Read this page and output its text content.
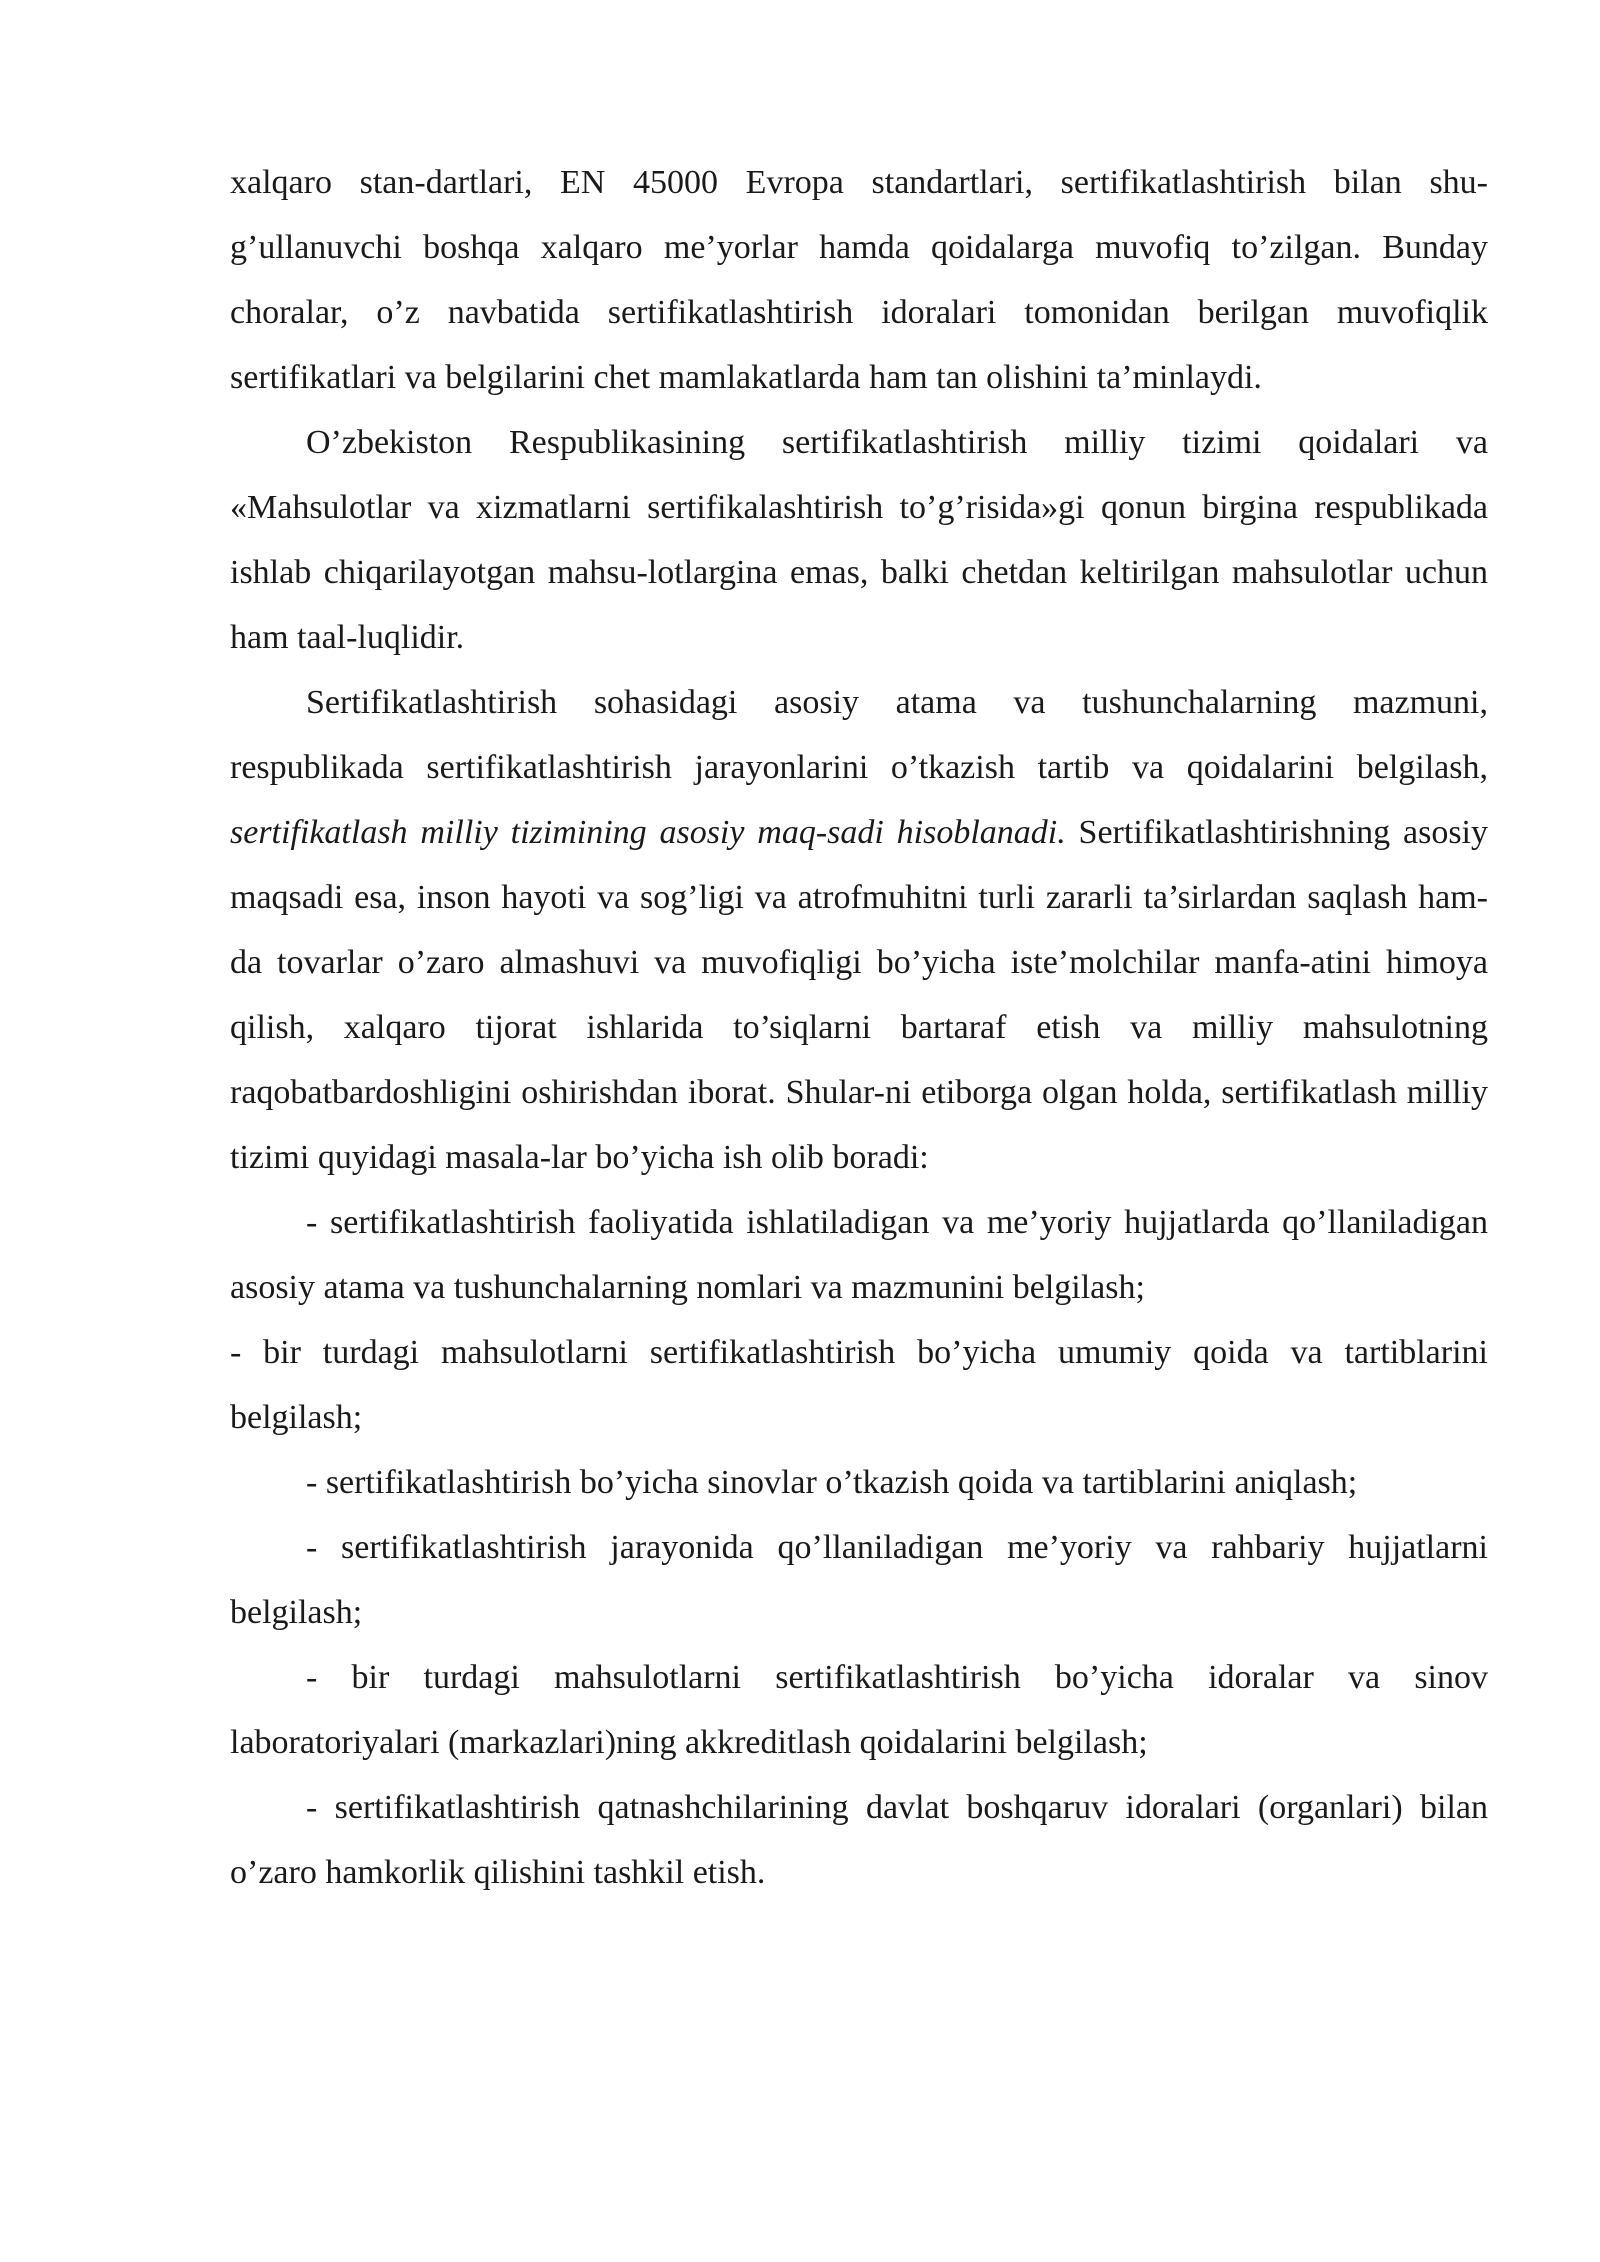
xalqaro stan-dartlari, EN 45000 Evropa standartlari, sertifikatlashtirish bilan shu-g’ullanuvchi boshqa xalqaro me’yorlar hamda qoidalarga muvofiq to’zilgan. Bunday choralar, o’z navbatida sertifikatlashtirish idoralari tomonidan berilgan muvofiqlik sertifikatlari va belgilarini chet mamlakatlarda ham tan olishini ta’minlaydi.

O’zbekiston Respublikasining sertifikatlashtirish milliy tizimi qoidalari va «Mahsulotlar va xizmatlarni sertifikalashtirish to’g’risida»gi qonun birgina respublikada ishlab chiqarilayotgan mahsu-lotlargina emas, balki chetdan keltirilgan mahsulotlar uchun ham taal-luqlidir.

Sertifikatlashtirish sohasidagi asosiy atama va tushunchalarning mazmuni, respublikada sertifikatlashtirish jarayonlarini o’tkazish tartib va qoidalarini belgilash, sertifikatlash milliy tizimining asosiy maq-sadi hisoblanadi. Sertifikatlashtirishning asosiy maqsadi esa, inson hayoti va sog’ligi va atrofmuhitni turli zararli ta’sirlardan saqlash ham-da tovarlar o’zaro almashuvi va muvofiqligi bo’yicha iste’molchilar manfa-atini himoya qilish, xalqaro tijorat ishlarida to’siqlarni bartaraf etish va milliy mahsulotning raqobatbardoshligini oshirishdan iborat. Shular-ni etiborga olgan holda, sertifikatlash milliy tizimi quyidagi masala-lar bo’yicha ish olib boradi:

- sertifikatlashtirish faoliyatida ishlatiladigan va me’yoriy hujjatlarda qo’llaniladigan asosiy atama va tushunchalarning nomlari va mazmunini belgilash;

- bir turdagi mahsulotlarni sertifikatlashtirish bo’yicha umumiy qoida va tartiblarini belgilash;

- sertifikatlashtirish bo’yicha sinovlar o’tkazish qoida va tartiblarini aniqlash;

- sertifikatlashtirish jarayonida qo’llaniladigan me’yoriy va rahbariy hujjatlarni belgilash;

- bir turdagi mahsulotlarni sertifikatlashtirish bo’yicha idoralar va sinov laboratoriyalari (markazlari)ning akkreditlash qoidalarini belgilash;

- sertifikatlashtirish qatnashchilarining davlat boshqaruv idoralari (organlari) bilan o’zaro hamkorlik qilishini tashkil etish.
